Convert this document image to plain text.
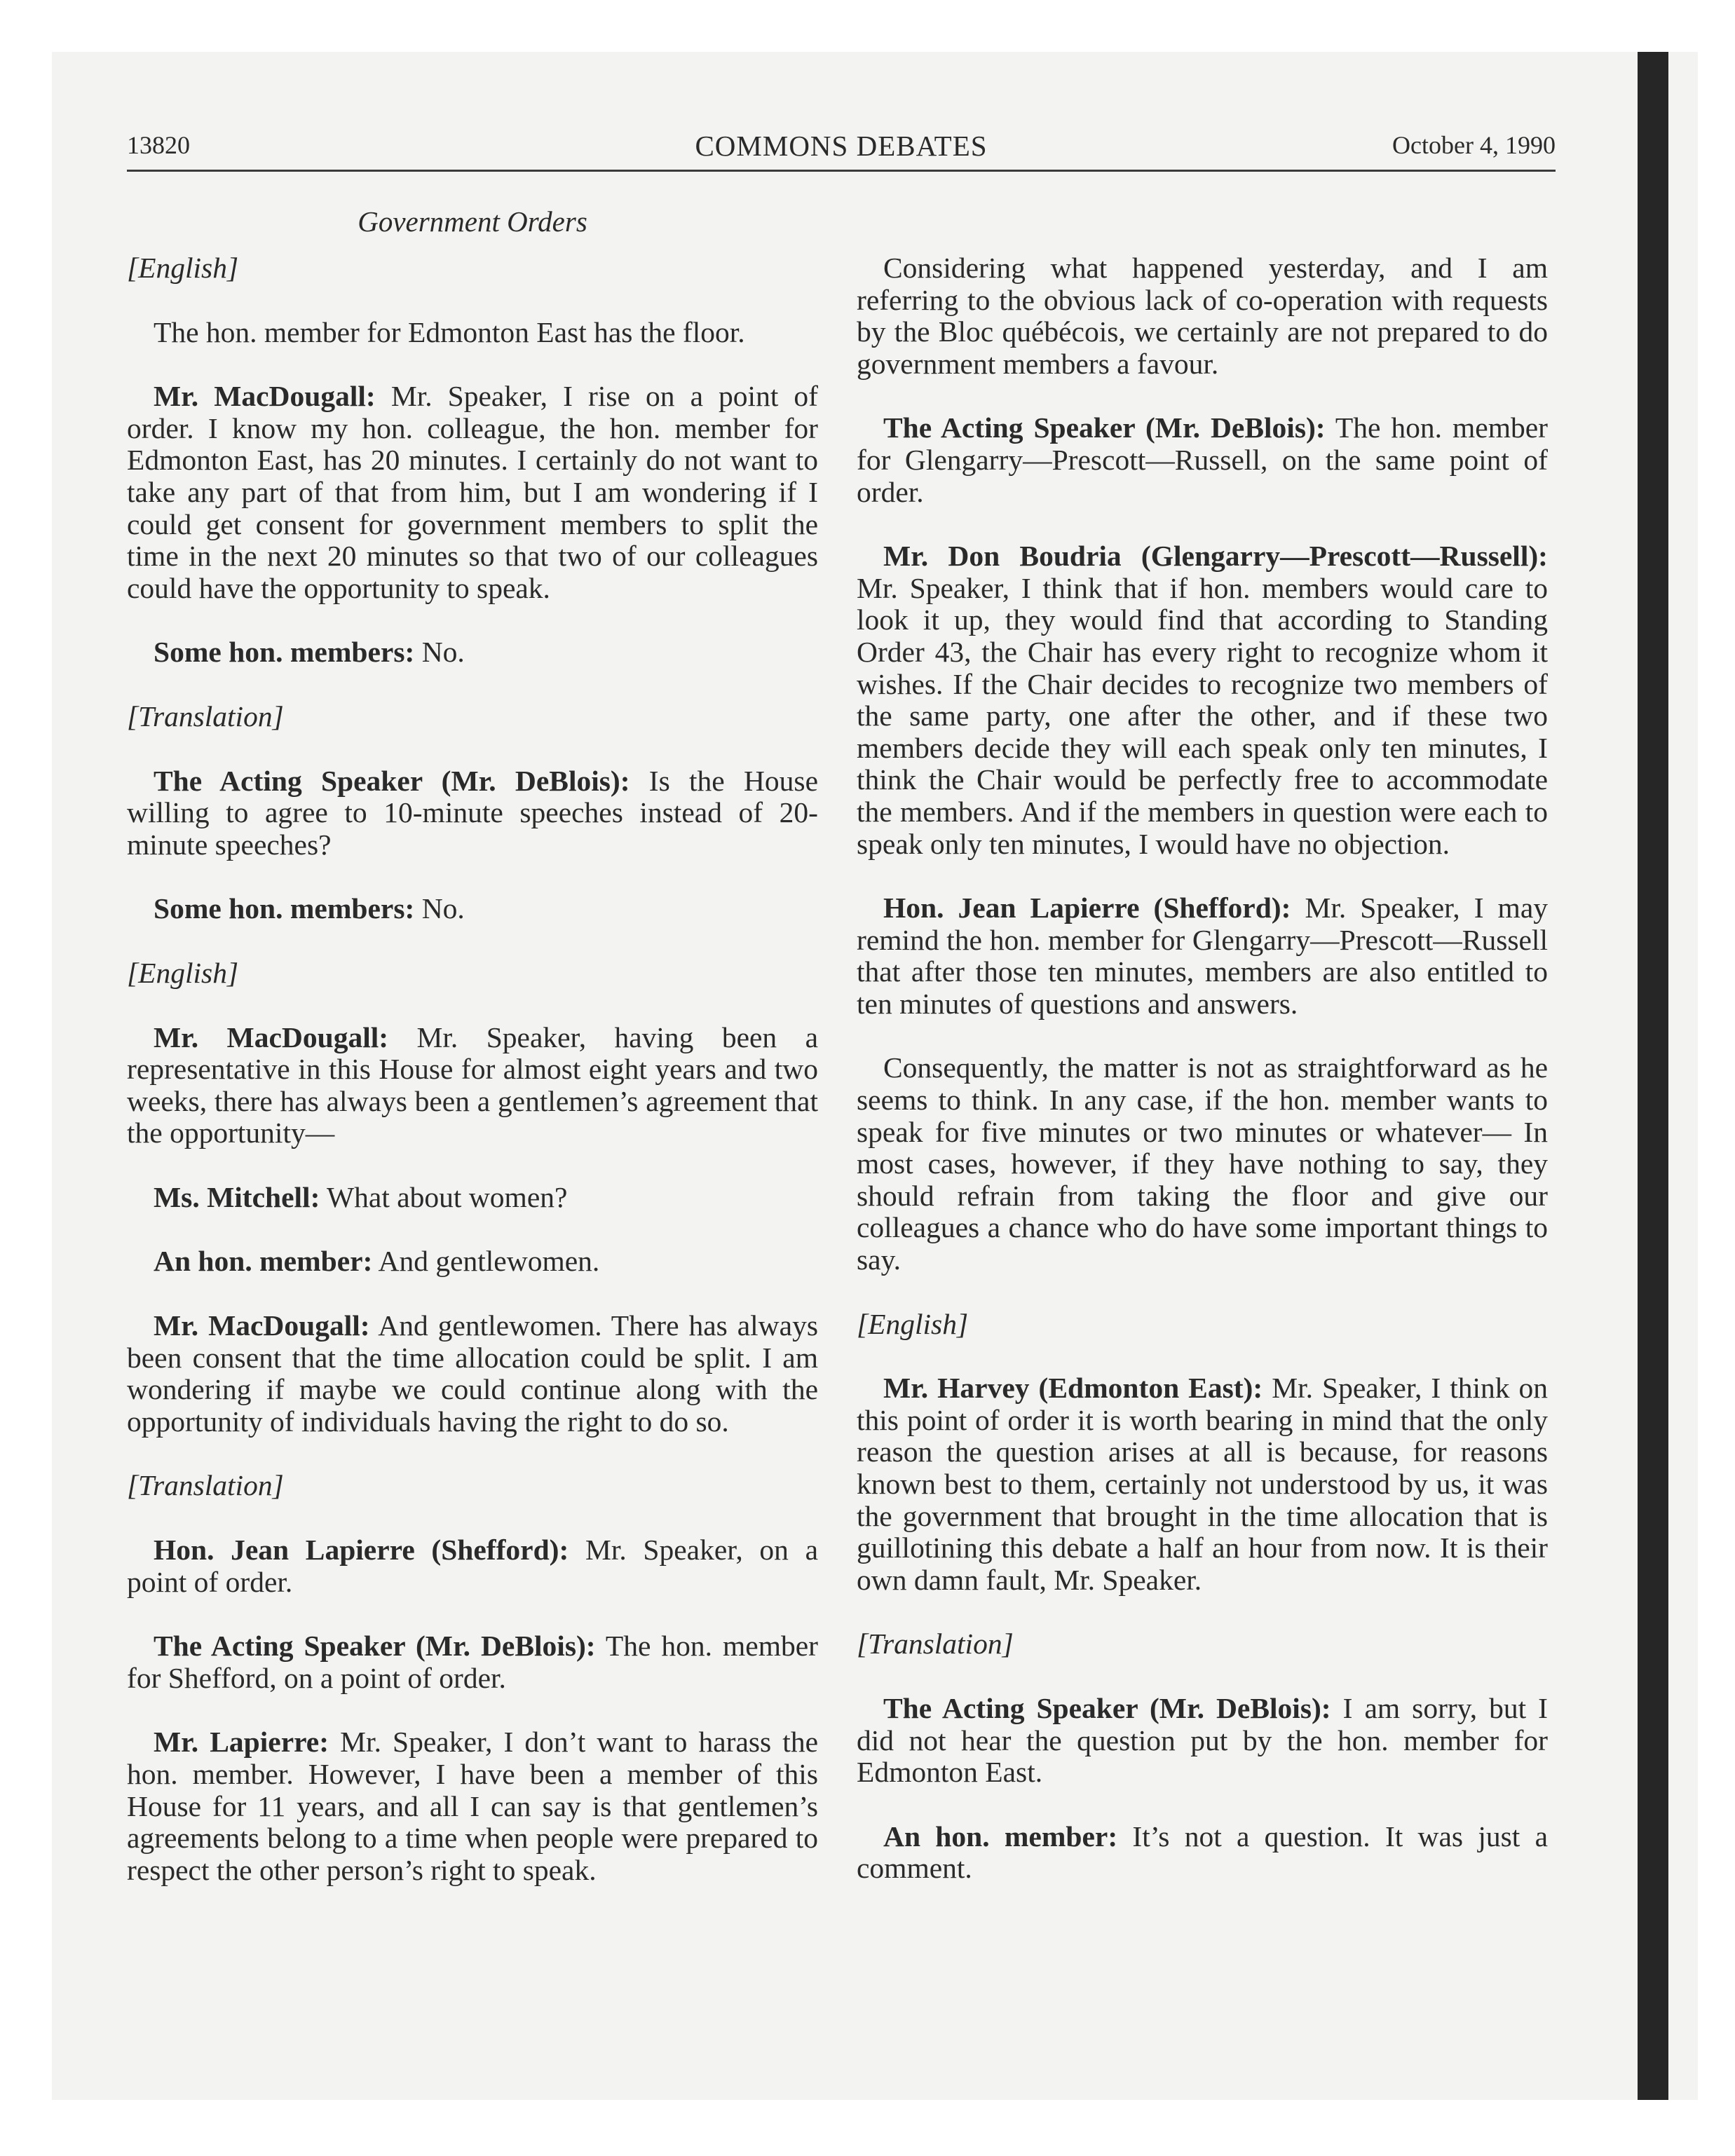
13820	COMMONS DEBATES	October 4, 1990
Government Orders

[English]

The hon. member for Edmonton East has the floor.

Mr. MacDougall: Mr. Speaker, I rise on a point of order. I know my hon. colleague, the hon. member for Edmonton East, has 20 minutes. I certainly do not want to take any part of that from him, but I am wondering if I could get consent for government members to split the time in the next 20 minutes so that two of our colleagues could have the opportunity to speak.

Some hon. members: No.

[Translation]

The Acting Speaker (Mr. DeBlois): Is the House willing to agree to 10-minute speeches instead of 20-minute speeches?

Some hon. members: No.

[English]

Mr. MacDougall: Mr. Speaker, having been a representative in this House for almost eight years and two weeks, there has always been a gentlemen’s agreement that the opportunity—

Ms. Mitchell: What about women?

An hon. member: And gentlewomen.

Mr. MacDougall: And gentlewomen. There has always been consent that the time allocation could be split. I am wondering if maybe we could continue along with the opportunity of individuals having the right to do so.

[Translation]

Hon. Jean Lapierre (Shefford): Mr. Speaker, on a point of order.

The Acting Speaker (Mr. DeBlois): The hon. member for Shefford, on a point of order.

Mr. Lapierre: Mr. Speaker, I don’t want to harass the hon. member. However, I have been a member of this House for 11 years, and all I can say is that gentlemen’s agreements belong to a time when people were prepared to respect the other person’s right to speak.

Considering what happened yesterday, and I am referring to the obvious lack of co-operation with requests by the Bloc québécois, we certainly are not prepared to do government members a favour.

The Acting Speaker (Mr. DeBlois): The hon. member for Glengarry—Prescott—Russell, on the same point of order.

Mr. Don Boudria (Glengarry—Prescott—Russell): Mr. Speaker, I think that if hon. members would care to look it up, they would find that according to Standing Order 43, the Chair has every right to recognize whom it wishes. If the Chair decides to recognize two members of the same party, one after the other, and if these two members decide they will each speak only ten minutes, I think the Chair would be perfectly free to accommodate the members. And if the members in question were each to speak only ten minutes, I would have no objection.

Hon. Jean Lapierre (Shefford): Mr. Speaker, I may remind the hon. member for Glengarry—Prescott—Russell that after those ten minutes, members are also entitled to ten minutes of questions and answers.

Consequently, the matter is not as straightforward as he seems to think. In any case, if the hon. member wants to speak for five minutes or two minutes or whatever— In most cases, however, if they have nothing to say, they should refrain from taking the floor and give our colleagues a chance who do have some important things to say.

[English]

Mr. Harvey (Edmonton East): Mr. Speaker, I think on this point of order it is worth bearing in mind that the only reason the question arises at all is because, for reasons known best to them, certainly not understood by us, it was the government that brought in the time allocation that is guillotining this debate a half an hour from now. It is their own damn fault, Mr. Speaker.

[Translation]

The Acting Speaker (Mr. DeBlois): I am sorry, but I did not hear the question put by the hon. member for Edmonton East.

An hon. member: It’s not a question. It was just a comment.
